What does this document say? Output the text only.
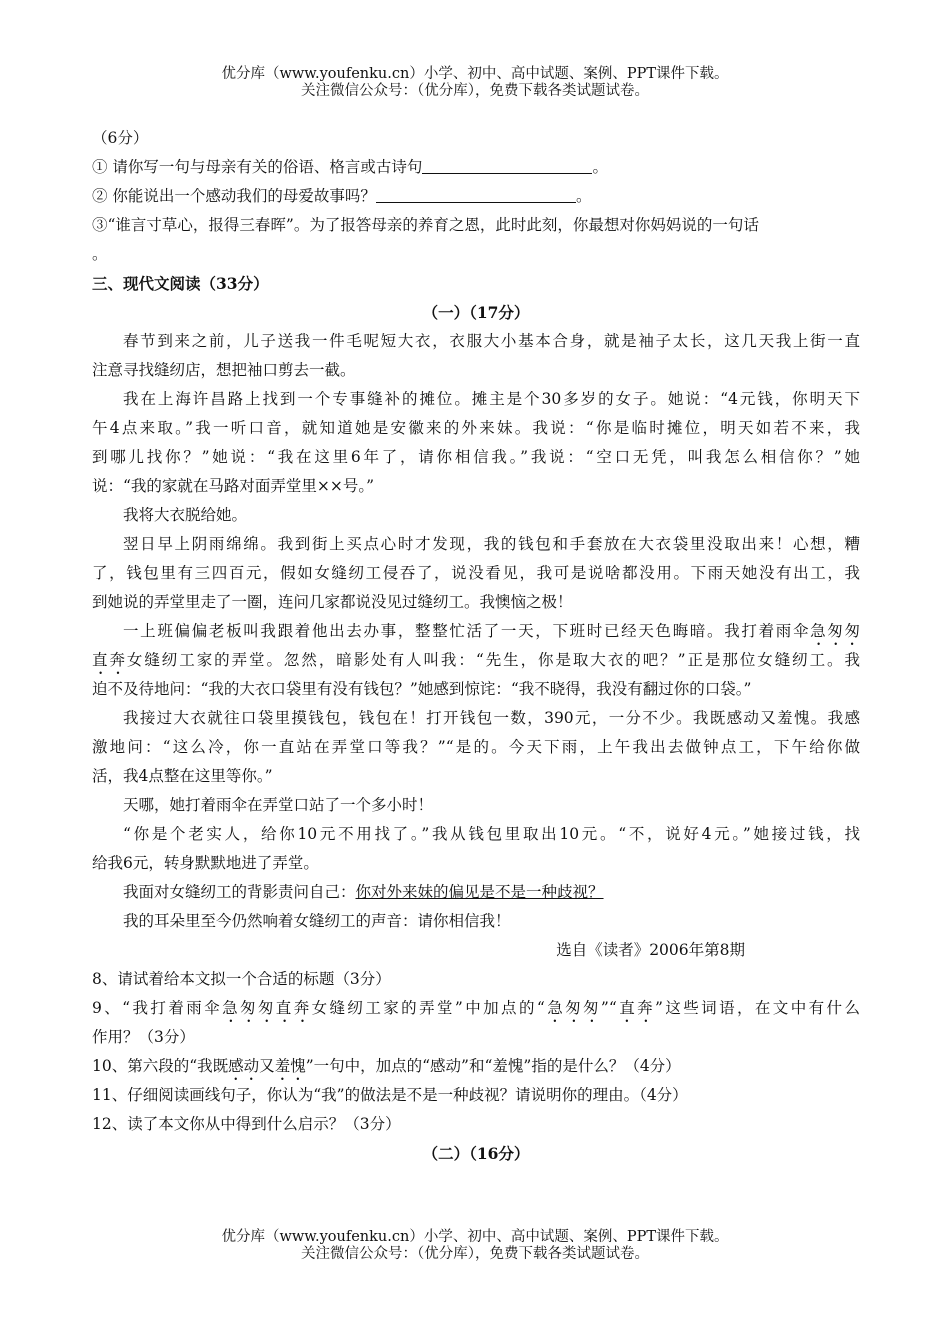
优分库（www.youfenku.cn）小学、初中、高中试题、案例、PPT课件下载。
关注微信公众号：（优分库），免费下载各类试题试卷。
（6分）
① 请你写一句与母亲有关的俗语、格言或古诗句	。
② 你能说出一个感动我们的母爱故事吗？	。
③“谁言寸草心，报得三春晖”。为了报答母亲的养育之恩，此时此刻，你最想对你妈妈说的一句话
。
三、现代文阅读（33分）
（一）（17分）
春节到来之前，儿子送我一件毛呢短大衣，衣服大小基本合身，就是袖子太长，这几天我上街一直
注意寻找缝纫店，想把袖口剪去一截。
我在上海许昌路上找到一个专事缝补的摊位。摊主是个30多岁的女子。她说：“4元钱，你明天下
午4点来取。”我一听口音，就知道她是安徽来的外来妹。我说：“你是临时摊位，明天如若不来，我
到哪儿找你？”她说：“我在这里6年了，请你相信我。”我说：“空口无凭，叫我怎么相信你？”她
说：“我的家就在马路对面弄堂里××号。”
我将大衣脱给她。
翌日早上阴雨绵绵。我到街上买点心时才发现，我的钱包和手套放在大衣袋里没取出来！心想，糟
了，钱包里有三四百元，假如女缝纫工侵吞了，说没看见，我可是说啥都没用。下雨天她没有出工，我
到她说的弄堂里走了一圈，连问几家都说没见过缝纫工。我懊恼之极！
一上班偏偏老板叫我跟着他出去办事，整整忙活了一天，下班时已经天色晦暗。我打着雨伞急匆匆
直奔女缝纫工家的弄堂。忽然，暗影处有人叫我：“先生，你是取大衣的吧？”正是那位女缝纫工。我
迫不及待地问：“我的大衣口袋里有没有钱包？”她感到惊诧：“我不晓得，我没有翻过你的口袋。”
我接过大衣就往口袋里摸钱包，钱包在！打开钱包一数，390元，一分不少。我既感动又羞愧。我感
激地问：“这么冷，你一直站在弄堂口等我？”“是的。今天下雨，上午我出去做钟点工，下午给你做
活，我4点整在这里等你。”
天哪，她打着雨伞在弄堂口站了一个多小时！
“你是个老实人，给你10元不用找了。”我从钱包里取出10元。“不，说好4元。”她接过钱，找
给我6元，转身默默地进了弄堂。
我面对女缝纫工的背影责问自己：你对外来妹的偏见是不是一种歧视？
我的耳朵里至今仍然响着女缝纫工的声音：请你相信我！
选自《读者》2006年第8期
8、请试着给本文拟一个合适的标题（3分）
9、“我打着雨伞急匆匆直奔女缝纫工家的弄堂”中加点的“急匆匆”“直奔”这些词语，在文中有什么
作用？（3分）
10、第六段的“我既感动又羞愧”一句中，加点的“感动”和“羞愧”指的是什么？（4分）
11、仔细阅读画线句子，你认为“我”的做法是不是一种歧视？请说明你的理由。（4分）
12、读了本文你从中得到什么启示？（3分）
（二）（16分）
优分库（www.youfenku.cn）小学、初中、高中试题、案例、PPT课件下载。
关注微信公众号：（优分库），免费下载各类试题试卷。
